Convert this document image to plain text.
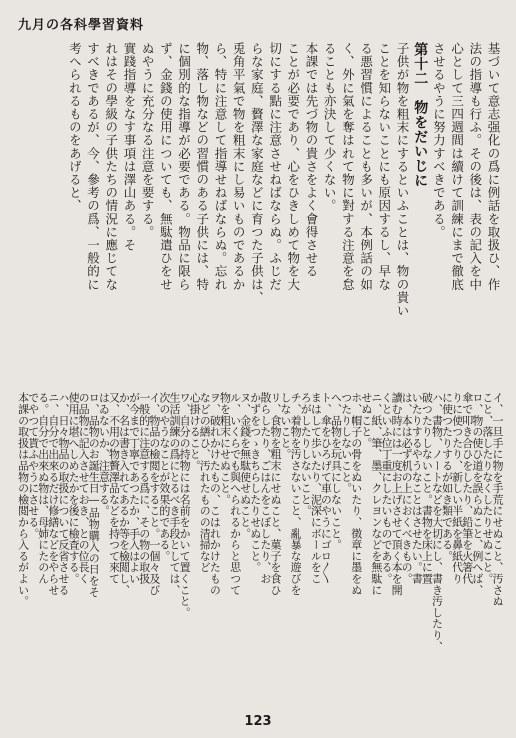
九月の各科學習資料
基づいて意志强化の爲に例話を取扱ひ、作
法の指導も行ふ。その後は、表の記入を中
心として三四週間は續けて訓練にまで徹底
させるやうに努力すべきである。
第十二　物をだいじに
子供が物を粗末にするといふことは、物の貴い
ことを知らないことにも原因するし、早な
る悪習慣によることも多いが、本例話の如
く、外に氣を奪はれて物に對する注意を怠
ることも亦決して少くない。
本課では先づ物の貴さをよく會得させる
ことが必要であり、心をひきしめて物を大
切にする點に注意させねばならぬ。ふじだ
らな家庭、贅澤な家庭などに育つた子供は、
兎角平氣で物を粗末にし易いものであるか
ら、特に注意して指導せねばならぬ。忘れ
物、落し物などの習慣のある子供には、特
に個別的な指導が必要である。物品に限ら
ず、金錢の使用についても、無駄遣ひをせ
ぬやうに充分なる注意を要する。
實踐指導をなす事項は澤山ある。そ
れはその學級の子供たちの情況に應じてな
すべきであるが、今、參考の爲、一般的に
考へられるものをあげると、
イ、一旦手に物を手荒にせぬこと、汚さぬ
こと、落したりなくしたりせぬこと。
ロ、物の使ひ道を誤らぬこと、例へば、
傘で叩き合ひをしたり、鉛筆を火箸代
りに使つたり、新しい半紙を鼻紙代り
に使つたりするが如き類である。
ハ、書物、ノートなどを大切にし、書き汚したり、
破つたりしないこと。書物を床上に置
いたりするやうなことはさせたい。書
は、本は必ず机の上におくべきもの。
讀む時には一度お上げさせて頂く本を開
くといふ位丁重にしたいものである。
ニ、紙、筆、墨、クレヨンなどを無駄に
せぬこと。
ホ、帽子の骨をぬいたり、徴章に墨をぬ
つたりしないこと。
へ、品物を玩具にしないこと。
ト、傘をひろげて車のやうにゴロ〱
まはして歩いたり、泥深にボールをこ
ろがしたりしないこと。
チ、着物を汚さないこと、亂暴な遊びを
しないこと。
リ、食物を粗末にせぬこと、菓子を食ひ
散らしたり、ごはんをこぼしたり、お
かずをつゝきちらしたりせぬこと。
ヌ、金錢を無駄使せぬこと。
ル、いくらでも與へられるからと思つて
物を粗末にせぬこと。
ヲ、破れかけたもの、こはれかけたもの
などの繕ひ、汚れたものの清掃など
心掛けること。
ワ、自分の持物には名前をかいて置くこと。
生活訓練の爲にとるべき手段としては、
次のやうなことが效果的である。
イ、物品の檢閲をすること。一個々及び
一般的に注意する爲に、その物の取扱
が今まで丁寧であつたか、手入はよい
か、名は書き入れてあるか等を檢閲し、
又、不用の物贅澤品などを持つて來て
はゐないか、注意する。
ロ、品物のお誕生日―品物購入の日をそ
の品物に記入させておき、との位長く
使用に堪へしめたかを後に檢査する。
ハ、日々物品の取扱について反省させる
ニ、自分で出來るだけ修繕などをやらせ
る。自分で出來ぬ物は、母姉にたのん
でやつて貰ふやうにさせる。
本課の取扱は品物の檢閲から入るがよい。
123
